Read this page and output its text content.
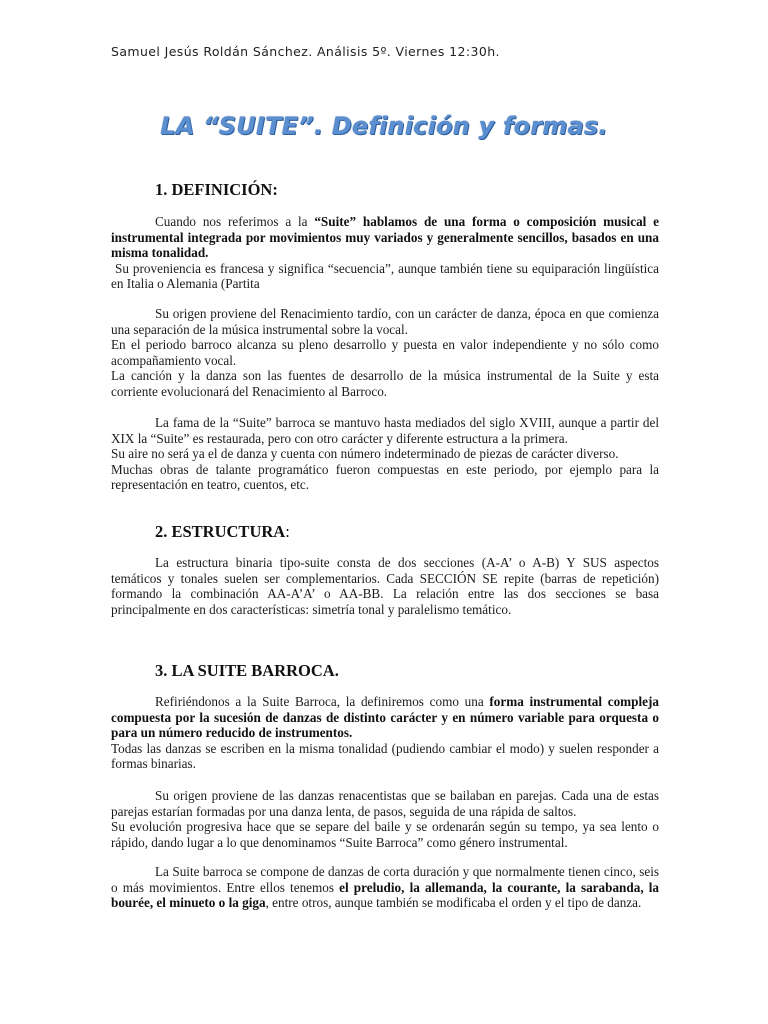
Samuel Jesús Roldán Sánchez. Análisis 5º. Viernes 12:30h.
LA “SUITE”. Definición y formas.
1. DEFINICIÓN:

Cuando nos referimos a la “Suite” hablamos de una forma o composición musical e instrumental integrada por movimientos muy variados y generalmente sencillos, basados en una misma tonalidad.

Su proveniencia es francesa y significa “secuencia”, aunque también tiene su equiparación lingüística en Italia o Alemania (Partita

Su origen proviene del Renacimiento tardío, con un carácter de danza, época en que comienza una separación de la música instrumental sobre la vocal.

En el periodo barroco alcanza su pleno desarrollo y puesta en valor independiente y no sólo como acompañamiento vocal.

La canción y la danza son las fuentes de desarrollo de la música instrumental de la Suite y esta corriente evolucionará del Renacimiento al Barroco.

La fama de la “Suite” barroca se mantuvo hasta mediados del siglo XVIII, aunque a partir del XIX la “Suite” es restaurada, pero con otro carácter y diferente estructura a la primera.

Su aire no será ya el de danza y cuenta con número indeterminado de piezas de carácter diverso.

Muchas obras de talante programático fueron compuestas en este periodo, por ejemplo para la representación en teatro, cuentos, etc.

2. ESTRUCTURA:

La estructura binaria tipo-suite consta de dos secciones (A-A’ o A-B) Y SUS aspectos temáticos y tonales suelen ser complementarios. Cada SECCIÓN SE repite (barras de repetición) formando la combinación AA-A’A’ o AA-BB. La relación entre las dos secciones se basa principalmente en dos características: simetría tonal y paralelismo temático.

3. LA SUITE BARROCA.

Refiriéndonos a la Suite Barroca, la definiremos como una forma instrumental compleja compuesta por la sucesión de danzas de distinto carácter y en número variable para orquesta o para un número reducido de instrumentos.

Todas las danzas se escriben en la misma tonalidad (pudiendo cambiar el modo) y suelen responder a formas binarias.

Su origen proviene de las danzas renacentistas que se bailaban en parejas. Cada una de estas parejas estarían formadas por una danza lenta, de pasos, seguida de una rápida de saltos.

Su evolución progresiva hace que se separe del baile y se ordenarán según su tempo, ya sea lento o rápido, dando lugar a lo que denominamos “Suite Barroca” como género instrumental.

La Suite barroca se compone de danzas de corta duración y que normalmente tienen cinco, seis o más movimientos. Entre ellos tenemos el preludio, la allemanda, la courante, la sarabanda, la bourée, el minueto o la giga, entre otros, aunque también se modificaba el orden y el tipo de danza.
